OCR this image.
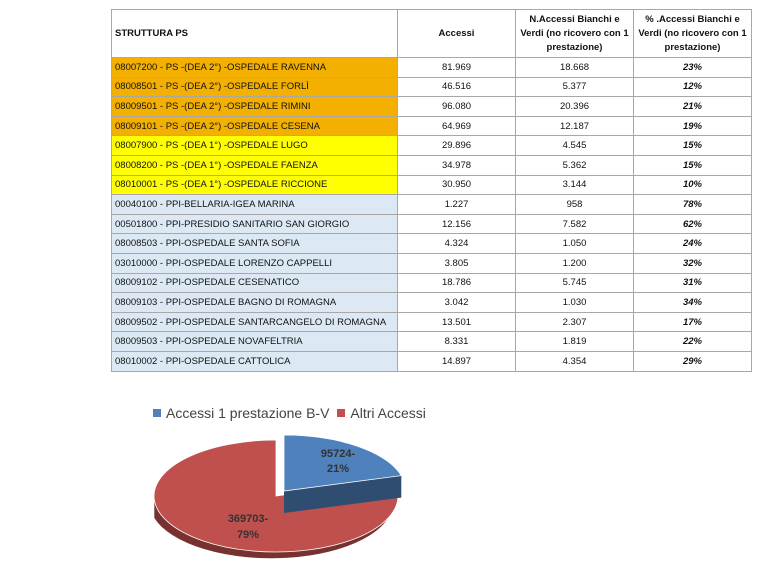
STRUTTURA PS	Accessi	N.Accessi Bianchi e Verdi (no ricovero con 1 prestazione)	% .Accessi Bianchi e Verdi (no ricovero con 1 prestazione)
08007200 - PS -(DEA 2°) -OSPEDALE RAVENNA	81.969	18.668	23%
08008501 - PS -(DEA 2°) -OSPEDALE FORLÌ	46.516	5.377	12%
08009501 - PS -(DEA 2°) -OSPEDALE RIMINI	96.080	20.396	21%
08009101 - PS -(DEA 2°) -OSPEDALE CESENA	64.969	12.187	19%
08007900 - PS -(DEA 1°) -OSPEDALE LUGO	29.896	4.545	15%
08008200 - PS -(DEA 1°) -OSPEDALE FAENZA	34.978	5.362	15%
08010001 - PS -(DEA 1°) -OSPEDALE RICCIONE	30.950	3.144	10%
00040100 - PPI-BELLARIA-IGEA MARINA	1.227	958	78%
00501800 - PPI-PRESIDIO SANITARIO SAN GIORGIO	12.156	7.582	62%
08008503 - PPI-OSPEDALE SANTA SOFIA	4.324	1.050	24%
03010000 - PPI-OSPEDALE LORENZO CAPPELLI	3.805	1.200	32%
08009102 - PPI-OSPEDALE CESENATICO	18.786	5.745	31%
08009103 - PPI-OSPEDALE BAGNO DI ROMAGNA	3.042	1.030	34%
08009502 - PPI-OSPEDALE SANTARCANGELO DI ROMAGNA	13.501	2.307	17%
08009503 - PPI-OSPEDALE NOVAFELTRIA	8.331	1.819	22%
08010002 - PPI-OSPEDALE CATTOLICA	14.897	4.354	29%
Accessi 1 prestazione B-V Altri Accessi
95724-
21%
369703-
79%
